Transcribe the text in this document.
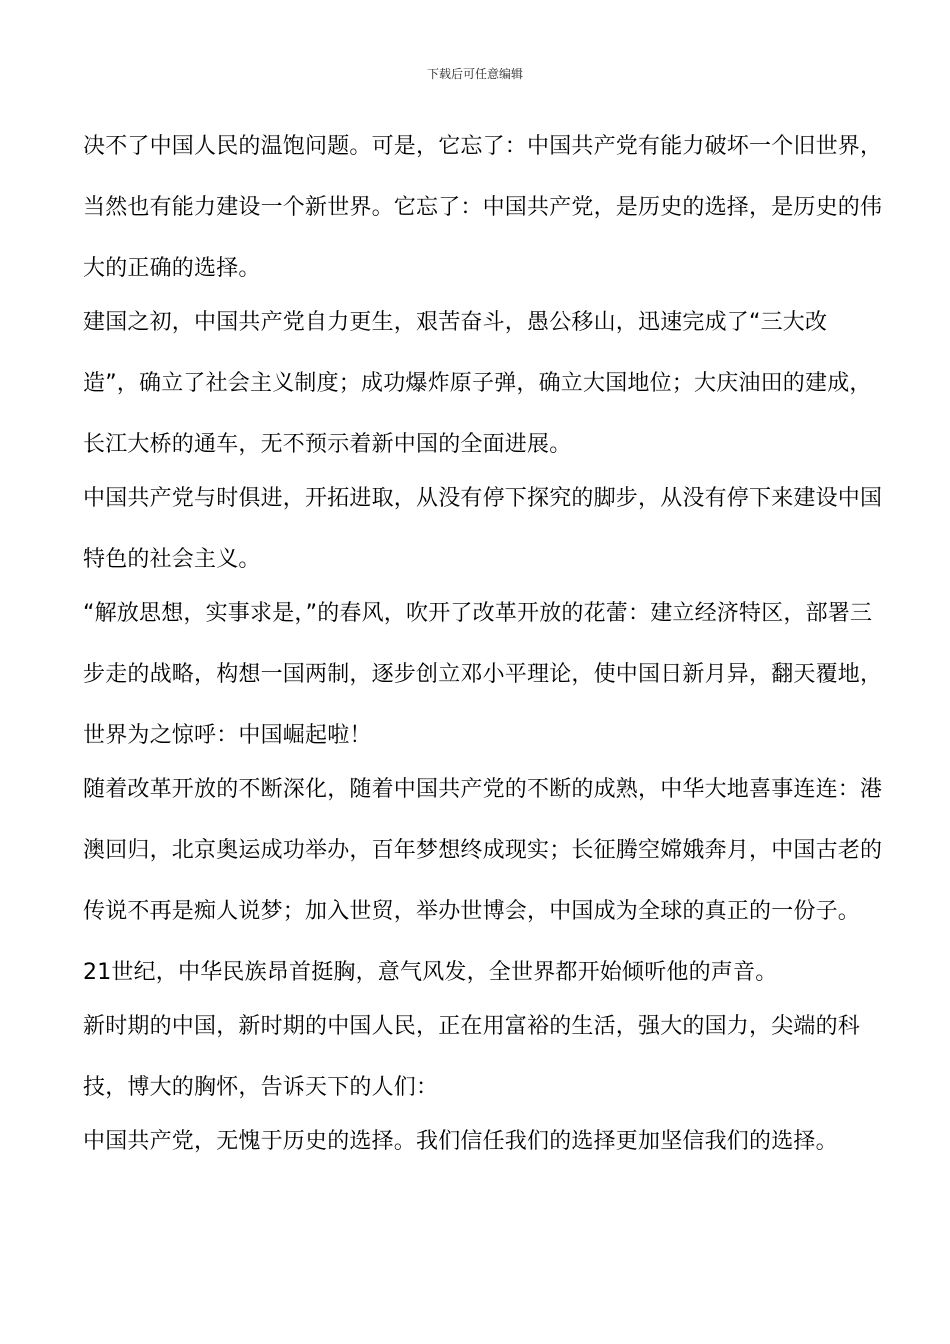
下载后可任意编辑

决不了中国人民的温饱问题。可是，它忘了：中国共产党有能力破坏一个旧世界，当然也有能力建设一个新世界。它忘了：中国共产党，是历史的选择，是历史的伟大的正确的选择。

建国之初，中国共产党自力更生，艰苦奋斗，愚公移山，迅速完成了“三大改造”，确立了社会主义制度；成功爆炸原子弹，确立大国地位；大庆油田的建成，长江大桥的通车，无不预示着新中国的全面进展。

中国共产党与时俱进，开拓进取，从没有停下探究的脚步，从没有停下来建设中国特色的社会主义。

“解放思想，实事求是，”的春风，吹开了改革开放的花蕾：建立经济特区，部署三步走的战略，构想一国两制，逐步创立邓小平理论，使中国日新月异，翻天覆地，世界为之惊呼：中国崛起啦！

随着改革开放的不断深化，随着中国共产党的不断的成熟，中华大地喜事连连：港澳回归，北京奥运成功举办，百年梦想终成现实；长征腾空嫦娥奔月，中国古老的传说不再是痴人说梦；加入世贸，举办世博会，中国成为全球的真正的一份子。21世纪，中华民族昂首挺胸，意气风发，全世界都开始倾听他的声音。

新时期的中国，新时期的中国人民，正在用富裕的生活，强大的国力，尖端的科技，博大的胸怀，告诉天下的人们：

中国共产党，无愧于历史的选择。我们信任我们的选择更加坚信我们的选择。
